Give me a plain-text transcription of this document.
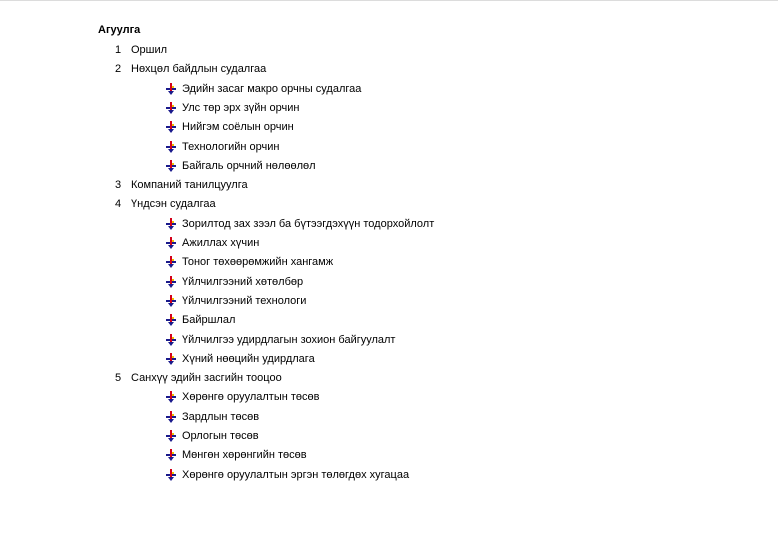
Агуулга
1 Оршил
2 Нөхцөл байдлын судалгаа
Эдийн засаг макро орчны судалгаа
Улс төр эрх зүйн орчин
Нийгэм соёлын орчин
Технологийн орчин
Байгаль орчний нөлөөлөл
3 Компаний танилцуулга
4 Үндсэн судалгаа
Зорилтод зах зээл ба бүтээгдэхүүн тодорхойлолт
Ажиллах хүчин
Тоног төхөөрөмжийн хангамж
Үйлчилгээний хөтөлбөр
Үйлчилгээний технологи
Байршлал
Үйлчилгээ удирдлагын зохион байгуулалт
Хүний нөөцийн удирдлага
5 Санхүү эдийн засгийн тооцоо
Хөрөнгө оруулалтын төсөв
Зардлын төсөв
Орлогын төсөв
Мөнгөн хөрөнгийн төсөв
Хөрөнгө оруулалтын эргэн төлөгдөх хугацаа
